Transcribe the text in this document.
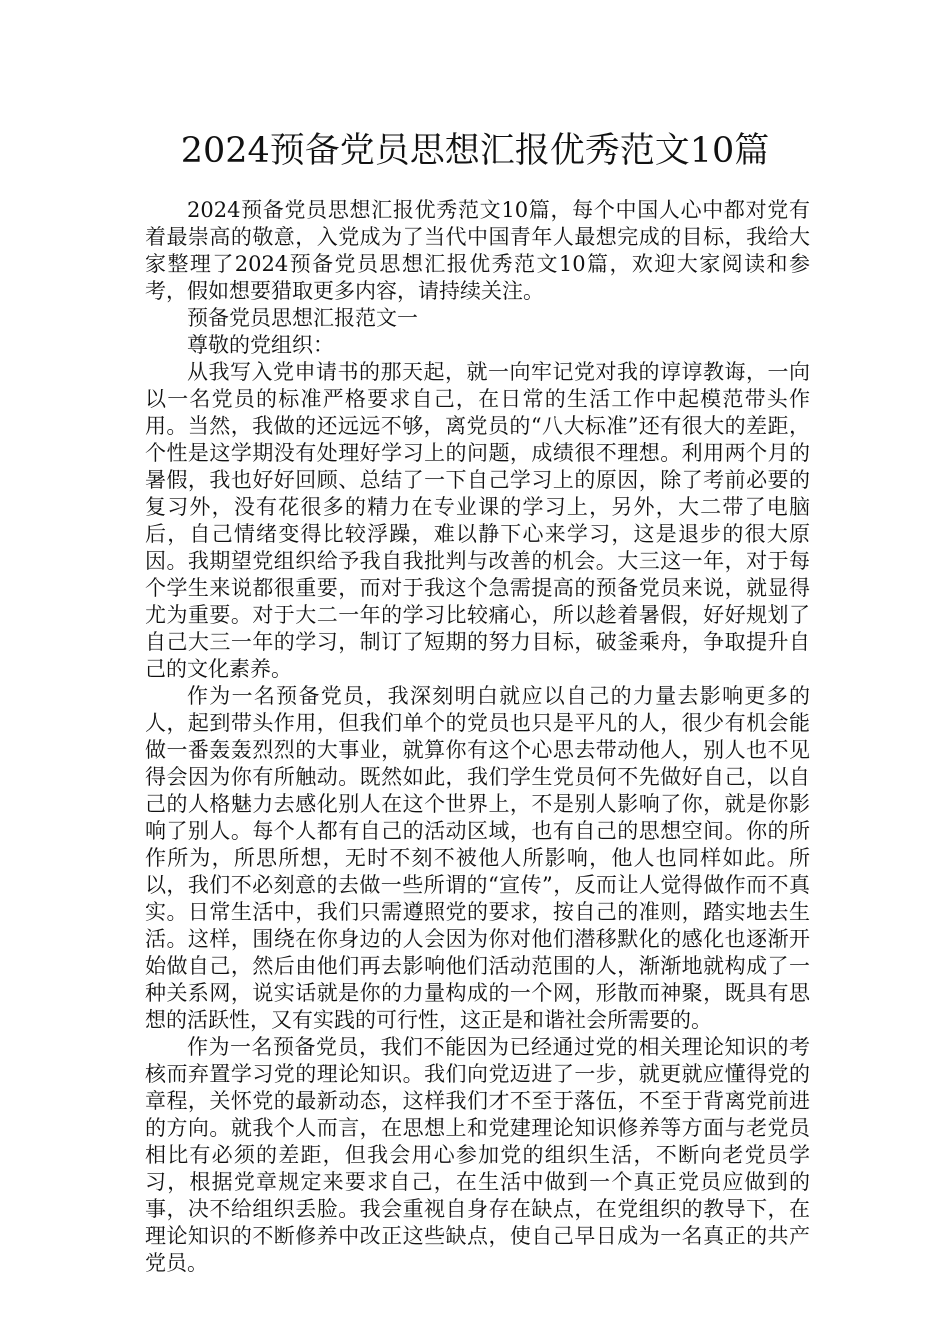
2024预备党员思想汇报优秀范文10篇

2024预备党员思想汇报优秀范文10篇，每个中国人心中都对党有着最崇高的敬意，入党成为了当代中国青年人最想完成的目标，我给大家整理了2024预备党员思想汇报优秀范文10篇，欢迎大家阅读和参考，假如想要猎取更多内容，请持续关注。

预备党员思想汇报范文一

尊敬的党组织：

从我写入党申请书的那天起，就一向牢记党对我的谆谆教诲，一向以一名党员的标准严格要求自己，在日常的生活工作中起模范带头作用。当然，我做的还远远不够，离党员的“八大标准”还有很大的差距，个性是这学期没有处理好学习上的问题，成绩很不理想。利用两个月的暑假，我也好好回顾、总结了一下自己学习上的原因，除了考前必要的复习外，没有花很多的精力在专业课的学习上，另外，大二带了电脑后，自己情绪变得比较浮躁，难以静下心来学习，这是退步的很大原因。我期望党组织给予我自我批判与改善的机会。大三这一年，对于每个学生来说都很重要，而对于我这个急需提高的预备党员来说，就显得尤为重要。对于大二一年的学习比较痛心，所以趁着暑假，好好规划了自己大三一年的学习，制订了短期的努力目标，破釜乘舟，争取提升自己的文化素养。

作为一名预备党员，我深刻明白就应以自己的力量去影响更多的人，起到带头作用，但我们单个的党员也只是平凡的人，很少有机会能做一番轰轰烈烈的大事业，就算你有这个心思去带动他人，别人也不见得会因为你有所触动。既然如此，我们学生党员何不先做好自己，以自己的人格魅力去感化别人在这个世界上，不是别人影响了你，就是你影响了别人。每个人都有自己的活动区域，也有自己的思想空间。你的所作所为，所思所想，无时不刻不被他人所影响，他人也同样如此。所以，我们不必刻意的去做一些所谓的“宣传”，反而让人觉得做作而不真实。日常生活中，我们只需遵照党的要求，按自己的准则，踏实地去生活。这样，围绕在你身边的人会因为你对他们潜移默化的感化也逐渐开始做自己，然后由他们再去影响他们活动范围的人，渐渐地就构成了一种关系网，说实话就是你的力量构成的一个网，形散而神聚，既具有思想的活跃性，又有实践的可行性，这正是和谐社会所需要的。

作为一名预备党员，我们不能因为已经通过党的相关理论知识的考核而弃置学习党的理论知识。我们向党迈进了一步，就更就应懂得党的章程，关怀党的最新动态，这样我们才不至于落伍，不至于背离党前进的方向。就我个人而言，在思想上和党建理论知识修养等方面与老党员相比有必须的差距，但我会用心参加党的组织生活，不断向老党员学习，根据党章规定来要求自己，在生活中做到一个真正党员应做到的事，决不给组织丢脸。我会重视自身存在缺点，在党组织的教导下，在理论知识的不断修养中改正这些缺点，使自己早日成为一名真正的共产党员。
